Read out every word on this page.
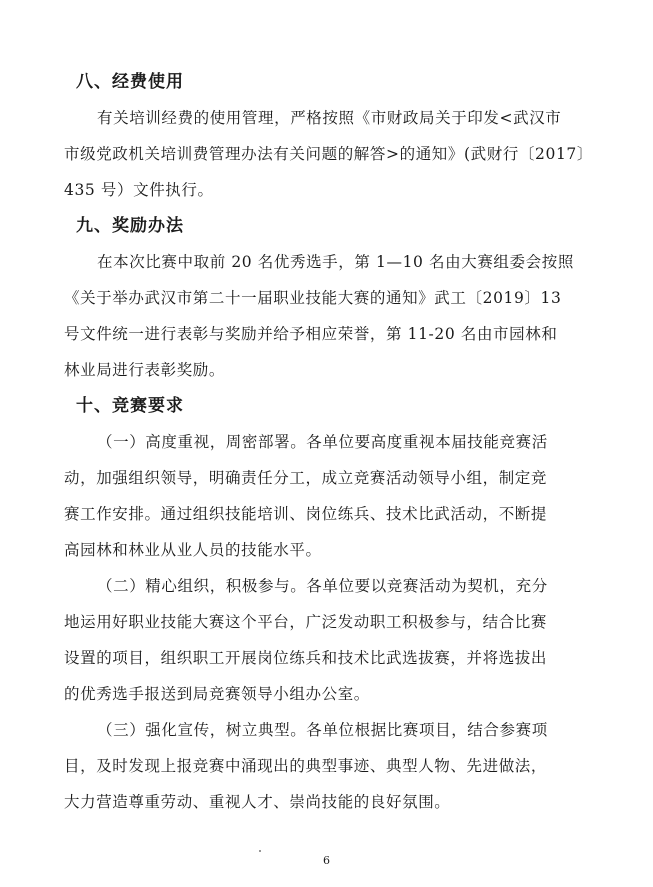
八、经费使用
有关培训经费的使用管理，严格按照《市财政局关于印发<武汉市
市级党政机关培训费管理办法有关问题的解答>的通知》(武财行〔2017〕
435 号）文件执行。
九、奖励办法
在本次比赛中取前 20 名优秀选手，第 1—10 名由大赛组委会按照
《关于举办武汉市第二十一届职业技能大赛的通知》武工〔2019〕13
号文件统一进行表彰与奖励并给予相应荣誉，第 11-20 名由市园林和
林业局进行表彰奖励。
十、竞赛要求
（一）高度重视，周密部署。各单位要高度重视本届技能竞赛活
动，加强组织领导，明确责任分工，成立竞赛活动领导小组，制定竞
赛工作安排。通过组织技能培训、岗位练兵、技术比武活动，不断提
高园林和林业从业人员的技能水平。
（二）精心组织，积极参与。各单位要以竞赛活动为契机，充分
地运用好职业技能大赛这个平台，广泛发动职工积极参与，结合比赛
设置的项目，组织职工开展岗位练兵和技术比武选拔赛，并将选拔出
的优秀选手报送到局竞赛领导小组办公室。
（三）强化宣传，树立典型。各单位根据比赛项目，结合参赛项
目，及时发现上报竞赛中涌现出的典型事迹、典型人物、先进做法，
大力营造尊重劳动、重视人才、崇尚技能的良好氛围。
6
